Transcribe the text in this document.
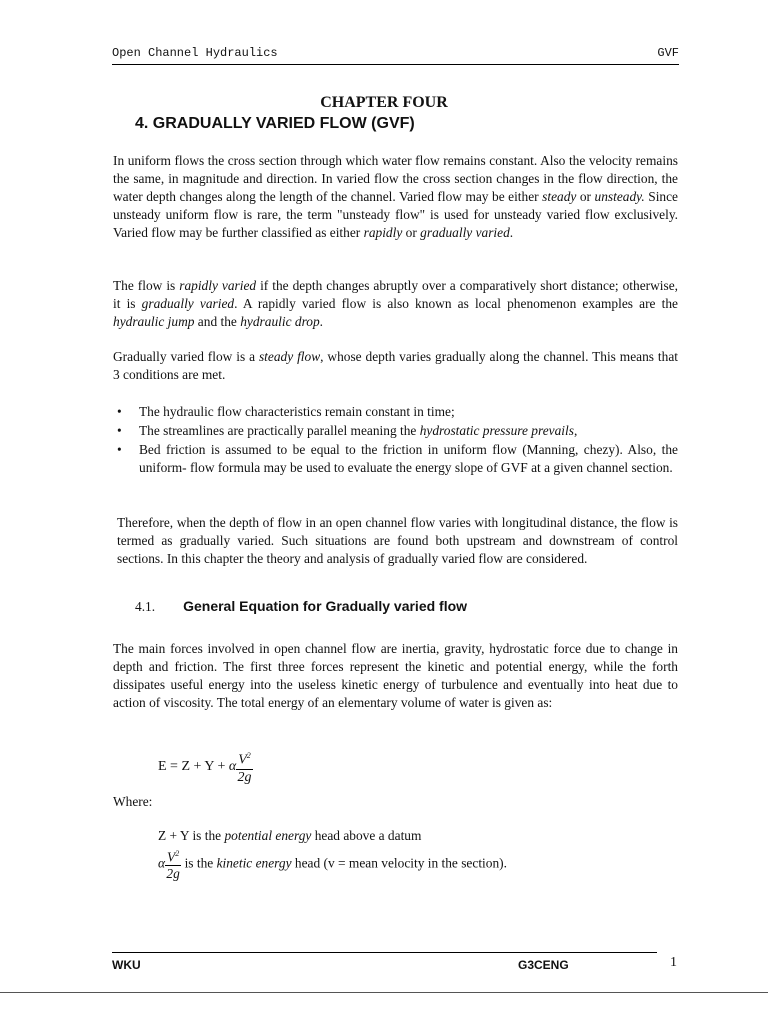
Open Channel Hydraulics	GVF
CHAPTER FOUR
4. GRADUALLY VARIED FLOW (GVF)

In uniform flows the cross section through which water flow remains constant. Also the velocity remains the same, in magnitude and direction. In varied flow the cross section changes in the flow direction, the water depth changes along the length of the channel. Varied flow may be either steady or unsteady. Since unsteady uniform flow is rare, the term "unsteady flow" is used for unsteady varied flow exclusively. Varied flow may be further classified as either rapidly or gradually varied.

The flow is rapidly varied if the depth changes abruptly over a comparatively short distance; otherwise, it is gradually varied. A rapidly varied flow is also known as local phenomenon examples are the hydraulic jump and the hydraulic drop.

Gradually varied flow is a steady flow, whose depth varies gradually along the channel. This means that 3 conditions are met.

• The hydraulic flow characteristics remain constant in time;
• The streamlines are practically parallel meaning the hydrostatic pressure prevails,
• Bed friction is assumed to be equal to the friction in uniform flow (Manning, chezy). Also, the uniform- flow formula may be used to evaluate the energy slope of GVF at a given channel section.

Therefore, when the depth of flow in an open channel flow varies with longitudinal distance, the flow is termed as gradually varied. Such situations are found both upstream and downstream of control sections. In this chapter the theory and analysis of gradually varied flow are considered.

4.1. General Equation for Gradually varied flow

The main forces involved in open channel flow are inertia, gravity, hydrostatic force due to change in depth and friction. The first three forces represent the kinetic and potential energy, while the forth dissipates useful energy into the useless kinetic energy of turbulence and eventually into heat due to action of viscosity. The total energy of an elementary volume of water is given as:

E = Z + Y + α $\frac{V^2}{2g}$
Where:
Z + Y is the potential energy head above a datum
α $\frac{V^2}{2g}$ is the kinetic energy head (v = mean velocity in the section).
WKU	G3CENG	1
